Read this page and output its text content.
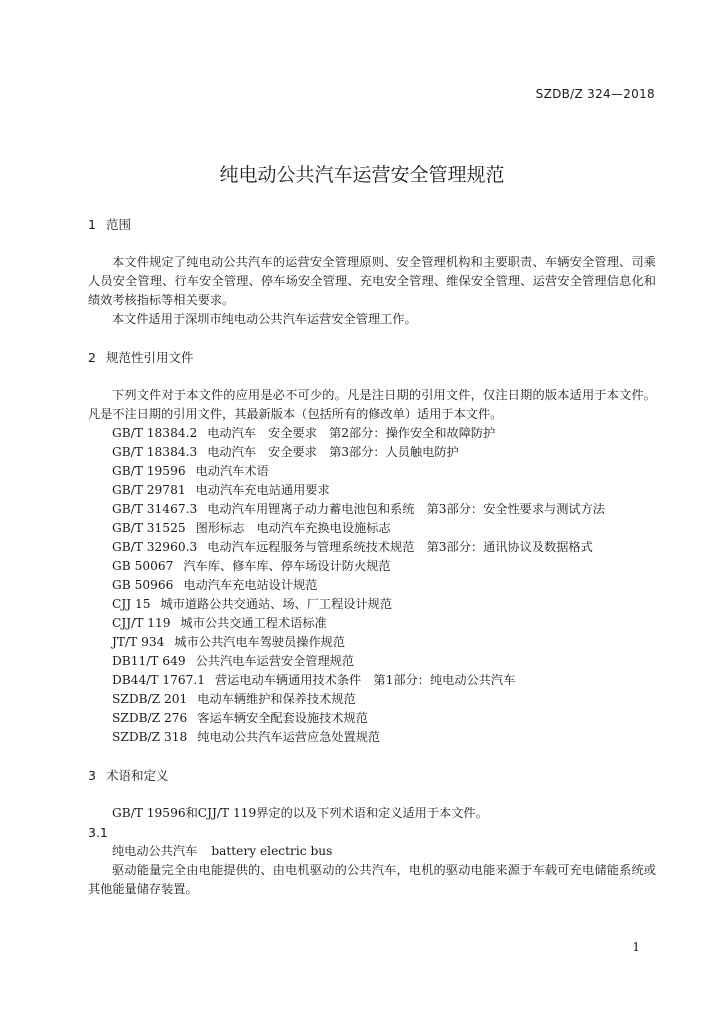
SZDB/Z 324—2018
纯电动公共汽车运营安全管理规范
1 范围
本文件规定了纯电动公共汽车的运营安全管理原则、安全管理机构和主要职责、车辆安全管理、司乘人员安全管理、行车安全管理、停车场安全管理、充电安全管理、维保安全管理、运营安全管理信息化和绩效考核指标等相关要求。
本文件适用于深圳市纯电动公共汽车运营安全管理工作。
2 规范性引用文件
下列文件对于本文件的应用是必不可少的。凡是注日期的引用文件，仅注日期的版本适用于本文件。凡是不注日期的引用文件，其最新版本（包括所有的修改单）适用于本文件。
GB/T 18384.2 电动汽车　安全要求　第2部分：操作安全和故障防护
GB/T 18384.3 电动汽车　安全要求　第3部分：人员触电防护
GB/T 19596 电动汽车术语
GB/T 29781 电动汽车充电站通用要求
GB/T 31467.3 电动汽车用锂离子动力蓄电池包和系统　第3部分：安全性要求与测试方法
GB/T 31525 图形标志　电动汽车充换电设施标志
GB/T 32960.3 电动汽车远程服务与管理系统技术规范　第3部分：通讯协议及数据格式
GB 50067 汽车库、修车库、停车场设计防火规范
GB 50966 电动汽车充电站设计规范
CJJ 15 城市道路公共交通站、场、厂工程设计规范
CJJ/T 119 城市公共交通工程术语标准
JT/T 934 城市公共汽电车驾驶员操作规范
DB11/T 649 公共汽电车运营安全管理规范
DB44/T 1767.1 营运电动车辆通用技术条件　第1部分：纯电动公共汽车
SZDB/Z 201 电动车辆维护和保养技术规范
SZDB/Z 276 客运车辆安全配套设施技术规范
SZDB/Z 318 纯电动公共汽车运营应急处置规范
3 术语和定义
GB/T 19596和CJJ/T 119界定的以及下列术语和定义适用于本文件。
3.1
纯电动公共汽车 battery electric bus
驱动能量完全由电能提供的、由电机驱动的公共汽车，电机的驱动电能来源于车载可充电储能系统或其他能量储存装置。
1
